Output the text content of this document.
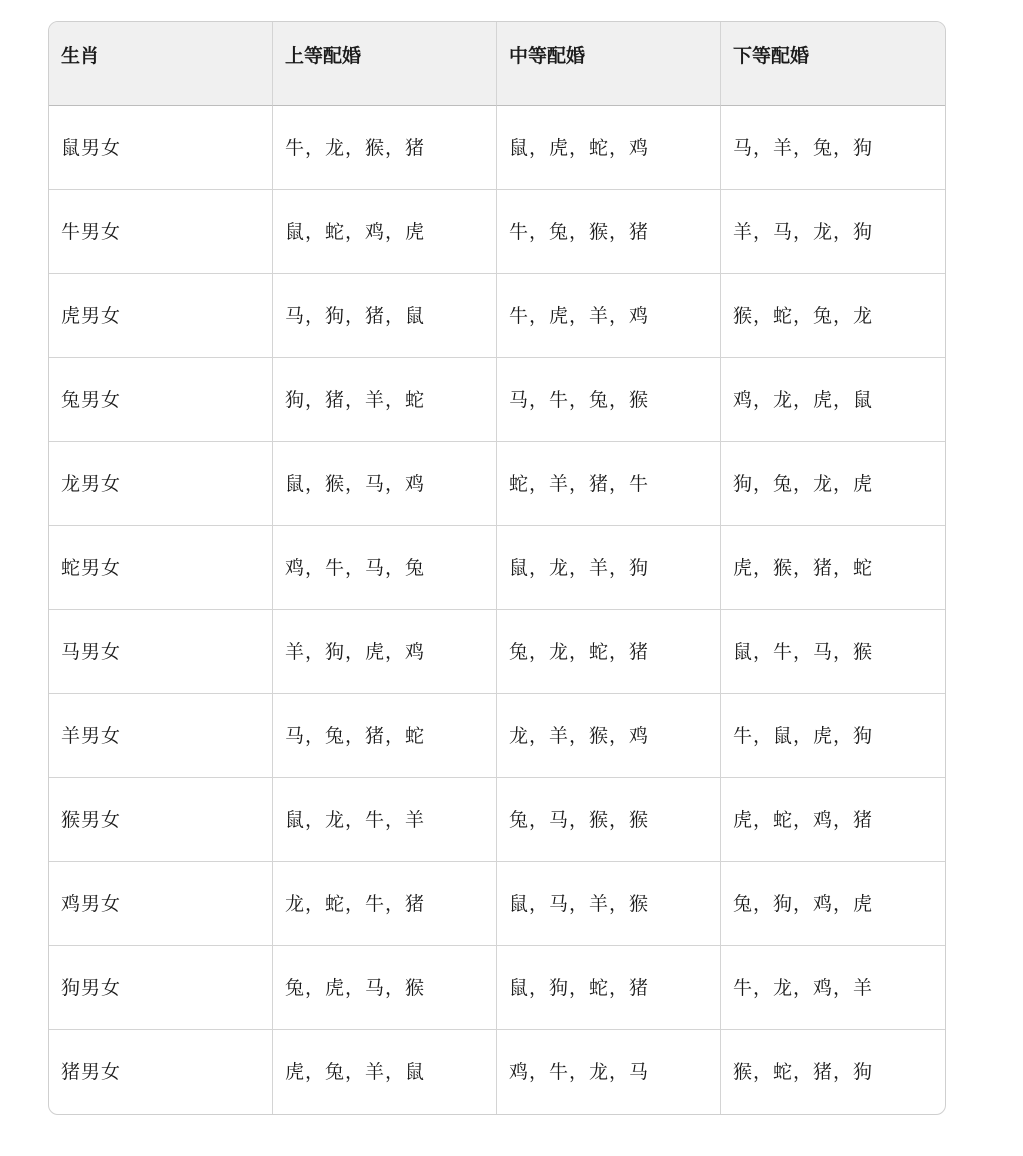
生肖	上等配婚	中等配婚	下等配婚
鼠男女	牛，龙，猴，猪	鼠，虎，蛇，鸡	马，羊，兔，狗
牛男女	鼠，蛇，鸡，虎	牛，兔，猴，猪	羊，马，龙，狗
虎男女	马，狗，猪，鼠	牛，虎，羊，鸡	猴，蛇，兔，龙
兔男女	狗，猪，羊，蛇	马，牛，兔，猴	鸡，龙，虎，鼠
龙男女	鼠，猴，马，鸡	蛇，羊，猪，牛	狗，兔，龙，虎
蛇男女	鸡，牛，马，兔	鼠，龙，羊，狗	虎，猴，猪，蛇
马男女	羊，狗，虎，鸡	兔，龙，蛇，猪	鼠，牛，马，猴
羊男女	马，兔，猪，蛇	龙，羊，猴，鸡	牛，鼠，虎，狗
猴男女	鼠，龙，牛，羊	兔，马，猴，猴	虎，蛇，鸡，猪
鸡男女	龙，蛇，牛，猪	鼠，马，羊，猴	兔，狗，鸡，虎
狗男女	兔，虎，马，猴	鼠，狗，蛇，猪	牛，龙，鸡，羊
猪男女	虎，兔，羊，鼠	鸡，牛，龙，马	猴，蛇，猪，狗
